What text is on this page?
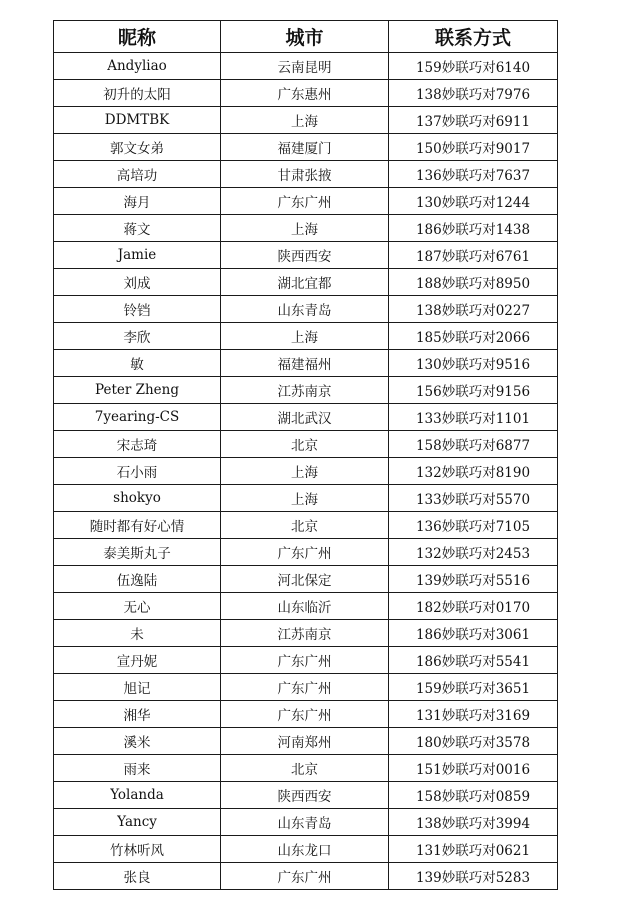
昵称	城市	联系方式
Andyliao	云南昆明	159妙联巧对6140
初升的太阳	广东惠州	138妙联巧对7976
DDMTBK	上海	137妙联巧对6911
郭文女弟	福建厦门	150妙联巧对9017
高培功	甘肃张掖	136妙联巧对7637
海月	广东广州	130妙联巧对1244
蒋文	上海	186妙联巧对1438
Jamie	陕西西安	187妙联巧对6761
刘成	湖北宜都	188妙联巧对8950
铃铛	山东青岛	138妙联巧对0227
李欣	上海	185妙联巧对2066
敏	福建福州	130妙联巧对9516
Peter Zheng	江苏南京	156妙联巧对9156
7yearing-CS	湖北武汉	133妙联巧对1101
宋志琦	北京	158妙联巧对6877
石小雨	上海	132妙联巧对8190
shokyo	上海	133妙联巧对5570
随时都有好心情	北京	136妙联巧对7105
泰美斯丸子	广东广州	132妙联巧对2453
伍逸陆	河北保定	139妙联巧对5516
无心	山东临沂	182妙联巧对0170
未	江苏南京	186妙联巧对3061
宣丹妮	广东广州	186妙联巧对5541
旭记	广东广州	159妙联巧对3651
湘华	广东广州	131妙联巧对3169
溪米	河南郑州	180妙联巧对3578
雨来	北京	151妙联巧对0016
Yolanda	陕西西安	158妙联巧对0859
Yancy	山东青岛	138妙联巧对3994
竹林听风	山东龙口	131妙联巧对0621
张良	广东广州	139妙联巧对5283
